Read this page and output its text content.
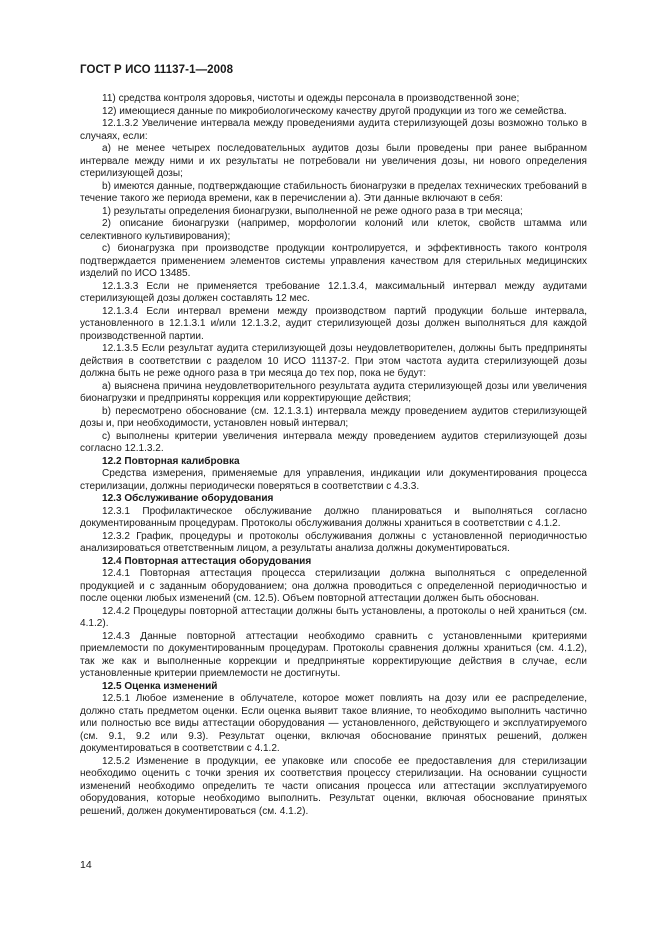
ГОСТ Р ИСО 11137-1—2008

11) средства контроля здоровья, чистоты и одежды персонала в производственной зоне;

12) имеющиеся данные по микробиологическому качеству другой продукции из того же семейства.

12.1.3.2 Увеличение интервала между проведениями аудита стерилизующей дозы возможно только в случаях, если:

а) не менее четырех последовательных аудитов дозы были проведены при ранее выбранном интервале между ними и их результаты не потребовали ни увеличения дозы, ни нового определения стерилизующей дозы;

b) имеются данные, подтверждающие стабильность бионагрузки в пределах технических требований в течение такого же периода времени, как в перечислении а). Эти данные включают в себя:

1) результаты определения бионагрузки, выполненной не реже одного раза в три месяца;

2) описание бионагрузки (например, морфологии колоний или клеток, свойств штамма или селективного культивирования);

c) бионагрузка при производстве продукции контролируется, и эффективность такого контроля подтверждается применением элементов системы управления качеством для стерильных медицинских изделий по ИСО 13485.

12.1.3.3 Если не применяется требование 12.1.3.4, максимальный интервал между аудитами стерилизующей дозы должен составлять 12 мес.

12.1.3.4 Если интервал времени между производством партий продукции больше интервала, установленного в 12.1.3.1 и/или 12.1.3.2, аудит стерилизующей дозы должен выполняться для каждой производственной партии.

12.1.3.5 Если результат аудита стерилизующей дозы неудовлетворителен, должны быть предприняты действия в соответствии с разделом 10 ИСО 11137-2. При этом частота аудита стерилизующей дозы должна быть не реже одного раза в три месяца до тех пор, пока не будут:

a) выяснена причина неудовлетворительного результата аудита стерилизующей дозы или увеличения бионагрузки и предприняты коррекция или корректирующие действия;

b) пересмотрено обоснование (см. 12.1.3.1) интервала между проведением аудитов стерилизующей дозы и, при необходимости, установлен новый интервал;

c) выполнены критерии увеличения интервала между проведением аудитов стерилизующей дозы согласно 12.1.3.2.

12.2 Повторная калибровка

Средства измерения, применяемые для управления, индикации или документирования процесса стерилизации, должны периодически поверяться в соответствии с 4.3.3.

12.3 Обслуживание оборудования

12.3.1 Профилактическое обслуживание должно планироваться и выполняться согласно документированным процедурам. Протоколы обслуживания должны храниться в соответствии с 4.1.2.

12.3.2 График, процедуры и протоколы обслуживания должны с установленной периодичностью анализироваться ответственным лицом, а результаты анализа должны документироваться.

12.4 Повторная аттестация оборудования

12.4.1 Повторная аттестация процесса стерилизации должна выполняться с определенной продукцией и с заданным оборудованием; она должна проводиться с определенной периодичностью и после оценки любых изменений (см. 12.5). Объем повторной аттестации должен быть обоснован.

12.4.2 Процедуры повторной аттестации должны быть установлены, а протоколы о ней храниться (см. 4.1.2).

12.4.3 Данные повторной аттестации необходимо сравнить с установленными критериями приемлемости по документированным процедурам. Протоколы сравнения должны храниться (см. 4.1.2), так же как и выполненные коррекции и предпринятые корректирующие действия в случае, если установленные критерии приемлемости не достигнуты.

12.5 Оценка изменений

12.5.1 Любое изменение в облучателе, которое может повлиять на дозу или ее распределение, должно стать предметом оценки. Если оценка выявит такое влияние, то необходимо выполнить частично или полностью все виды аттестации оборудования — установленного, действующего и эксплуатируемого (см. 9.1, 9.2 или 9.3). Результат оценки, включая обоснование принятых решений, должен документироваться в соответствии с 4.1.2.

12.5.2 Изменение в продукции, ее упаковке или способе ее предоставления для стерилизации необходимо оценить с точки зрения их соответствия процессу стерилизации. На основании сущности изменений необходимо определить те части описания процесса или аттестации эксплуатируемого оборудования, которые необходимо выполнить. Результат оценки, включая обоснование принятых решений, должен документироваться (см. 4.1.2).

14
